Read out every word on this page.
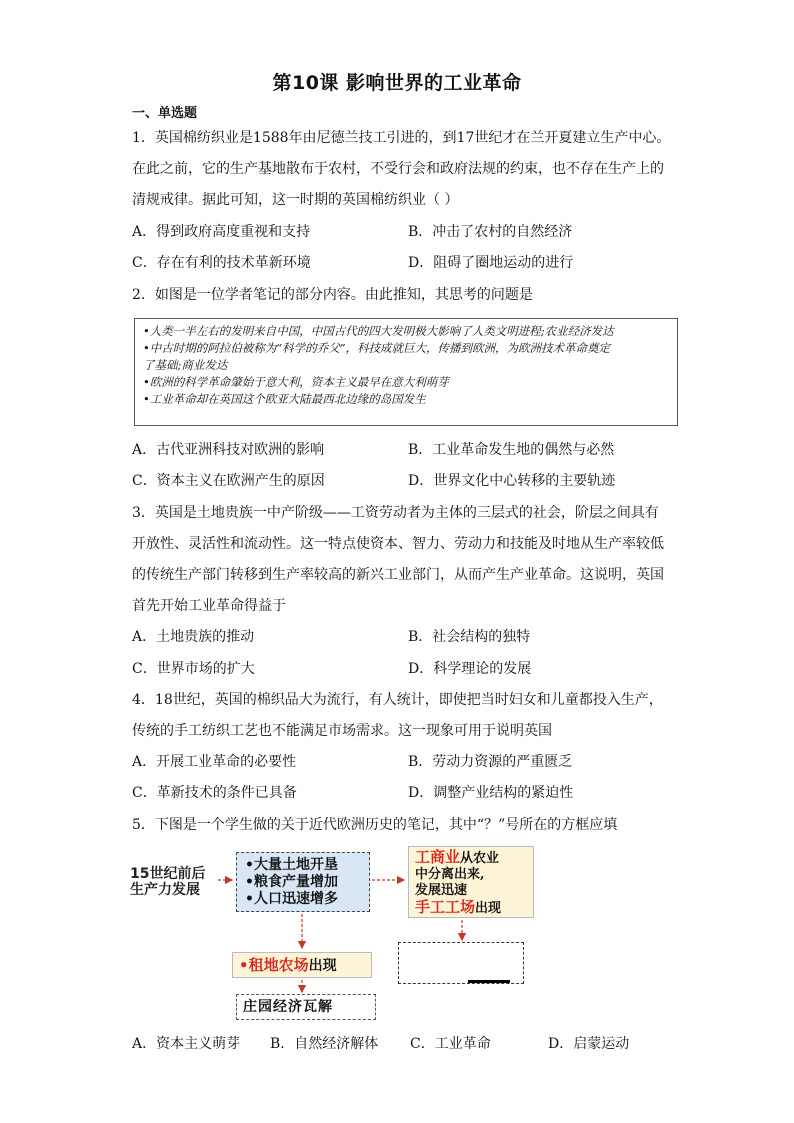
第10课 影响世界的工业革命
一、单选题
1．英国棉纺织业是1588年由尼德兰技工引进的，到17世纪才在兰开夏建立生产中心。
在此之前，它的生产基地散布于农村，不受行会和政府法规的约束，也不存在生产上的
清规戒律。据此可知，这一时期的英国棉纺织业（ ）
A．得到政府高度重视和支持	B．冲击了农村的自然经济
C．存在有利的技术革新环境	D．阻碍了圈地运动的进行
2．如图是一位学者笔记的部分内容。由此推知，其思考的问题是
•人类一半左右的发明来自中国，中国古代的四大发明极大影响了人类文明进程;农业经济发达
•中古时期的阿拉伯被称为“科学的乔父”，科技成就巨大，传播到欧洲，为欧洲技术革命奠定
了基础;商业发达
•欧洲的科学革命肇始于意大利，资本主义最早在意大利萌芽
•工业革命却在英国这个欧亚大陆最西北边缘的岛国发生
A．古代亚洲科技对欧洲的影响	B．工业革命发生地的偶然与必然
C．资本主义在欧洲产生的原因	D．世界文化中心转移的主要轨迹
3．英国是土地贵族一中产阶级——工资劳动者为主体的三层式的社会，阶层之间具有
开放性、灵活性和流动性。这一特点使资本、智力、劳动力和技能及时地从生产率较低
的传统生产部门转移到生产率较高的新兴工业部门，从而产生产业革命。这说明，英国
首先开始工业革命得益于
A．土地贵族的推动	B．社会结构的独特
C．世界市场的扩大	D．科学理论的发展
4．18世纪，英国的棉织品大为流行，有人统计，即使把当时妇女和儿童都投入生产，
传统的手工纺织工艺也不能满足市场需求。这一现象可用于说明英国
A．开展工业革命的必要性	B．劳动力资源的严重匮乏
C．革新技术的条件已具备	D．调整产业结构的紧迫性
5．下图是一个学生做的关于近代欧洲历史的笔记，其中“？”号所在的方框应填
15世纪前后
生产力发展
•大量土地开垦
•粮食产量增加
•人口迅速增多
工商业从农业
中分离出来,
发展迅速
手工工场出现
•租地农场出现
庄园经济瓦解
A．资本主义萌芽 B．自然经济解体 C．工业革命	D．启蒙运动
